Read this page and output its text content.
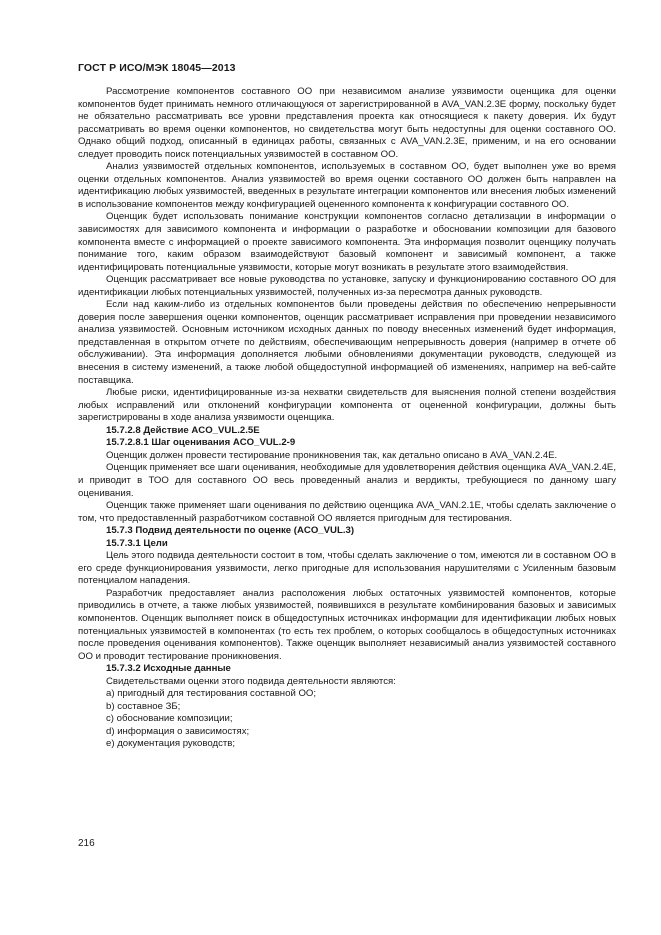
ГОСТ Р ИСО/МЭК 18045—2013

Рассмотрение компонентов составного ОО при независимом анализе уязвимости оценщика для оценки компонентов будет принимать немного отличающуюся от зарегистрированной в AVA_VAN.2.3E форму, поскольку будет не обязательно рассматривать все уровни представления проекта как относящиеся к пакету доверия. Их будут рассматривать во время оценки компонентов, но свидетельства могут быть недоступны для оценки составного ОО. Однако общий подход, описанный в единицах работы, связанных с AVA_VAN.2.3E, применим, и на его основании следует проводить поиск потенциальных уязвимостей в составном ОО.

Анализ уязвимостей отдельных компонентов, используемых в составном ОО, будет выполнен уже во время оценки отдельных компонентов. Анализ уязвимостей во время оценки составного ОО должен быть направлен на идентификацию любых уязвимостей, введенных в результате интеграции компонентов или внесения любых изменений в использование компонентов между конфигурацией оцененного компонента к конфигурации составного ОО.

Оценщик будет использовать понимание конструкции компонентов согласно детализации в информации о зависимостях для зависимого компонента и информации о разработке и обосновании композиции для базового компонента вместе с информацией о проекте зависимого компонента. Эта информация позволит оценщику получать понимание того, каким образом взаимодействуют базовый компонент и зависимый компонент, а также идентифицировать потенциальные уязвимости, которые могут возникать в результате этого взаимодействия.

Оценщик рассматривает все новые руководства по установке, запуску и функционированию составного ОО для идентификации любых потенциальных уязвимостей, полученных из-за пересмотра данных руководств.

Если над каким-либо из отдельных компонентов были проведены действия по обеспечению непрерывности доверия после завершения оценки компонентов, оценщик рассматривает исправления при проведении независимого анализа уязвимостей. Основным источником исходных данных по поводу внесенных изменений будет информация, представленная в открытом отчете по действиям, обеспечивающим непрерывность доверия (например в отчете об обслуживании). Эта информация дополняется любыми обновлениями документации руководств, следующей из внесения в систему изменений, а также любой общедоступной информацией об изменениях, например на веб-сайте поставщика.

Любые риски, идентифицированные из-за нехватки свидетельств для выяснения полной степени воздействия любых исправлений или отклонений конфигурации компонента от оцененной конфигурации, должны быть зарегистрированы в ходе анализа уязвимости оценщика.

15.7.2.8 Действие ACO_VUL.2.5E
15.7.2.8.1 Шаг оценивания ACO_VUL.2-9

Оценщик должен провести тестирование проникновения так, как детально описано в AVA_VAN.2.4E.

Оценщик применяет все шаги оценивания, необходимые для удовлетворения действия оценщика AVA_VAN.2.4E, и приводит в ТОО для составного ОО весь проведенный анализ и вердикты, требующиеся по данному шагу оценивания.

Оценщик также применяет шаги оценивания по действию оценщика AVA_VAN.2.1E, чтобы сделать заключение о том, что предоставленный разработчиком составной ОО является пригодным для тестирования.

15.7.3 Подвид деятельности по оценке (ACO_VUL.3)
15.7.3.1 Цели

Цель этого подвида деятельности состоит в том, чтобы сделать заключение о том, имеются ли в составном ОО в его среде функционирования уязвимости, легко пригодные для использования нарушителями с Усиленным базовым потенциалом нападения.

Разработчик предоставляет анализ расположения любых остаточных уязвимостей компонентов, которые приводились в отчете, а также любых уязвимостей, появившихся в результате комбинирования базовых и зависимых компонентов. Оценщик выполняет поиск в общедоступных источниках информации для идентификации любых новых потенциальных уязвимостей в компонентах (то есть тех проблем, о которых сообщалось в общедоступных источниках после проведения оценивания компонентов). Также оценщик выполняет независимый анализ уязвимостей составного ОО и проводит тестирование проникновения.

15.7.3.2 Исходные данные

Свидетельствами оценки этого подвида деятельности являются:

a) пригодный для тестирования составной ОО;
b) составное ЗБ;
c) обоснование композиции;
d) информация о зависимостях;
e) документация руководств;
216
